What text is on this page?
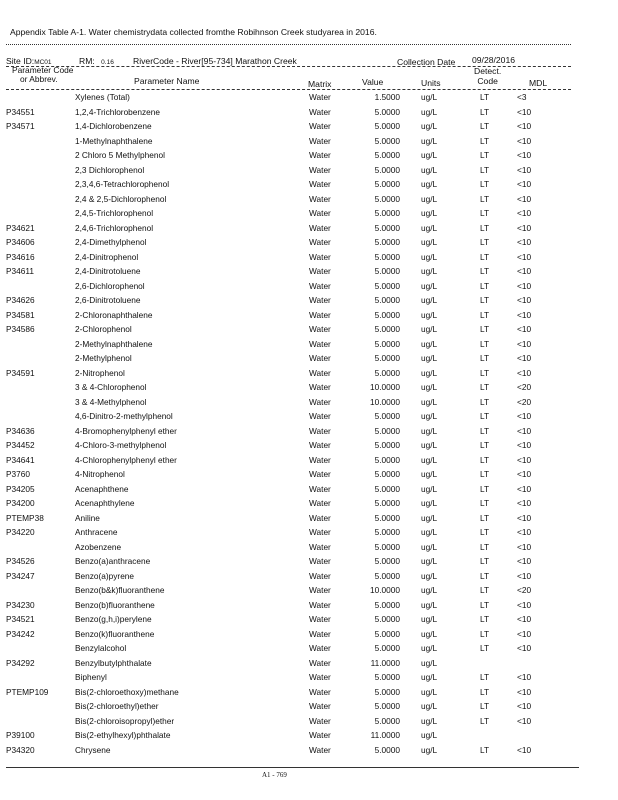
Appendix Table A-1. Water chemistrydata collected fromthe Robihnson Creek studyarea in 2016.
Site ID:MC01	RM: 0.16 RiverCode - River[95-734] Marathon Creek	Collection Date 09/28/2016
Parameter Code
or Abbrev.	Parameter Name	Matrix	Value	Units
Detect.
Code	MDL
Xylenes (Total)	Water	1.5000	ug/L	LT	<3
P34551	1,2,4-Trichlorobenzene	Water	5.0000	ug/L	LT	<10
P34571	1,4-Dichlorobenzene	Water	5.0000	ug/L	LT	<10
1-Methylnaphthalene	Water	5.0000	ug/L	LT	<10
2 Chloro 5 Methylphenol	Water	5.0000	ug/L	LT	<10
2,3 Dichlorophenol	Water	5.0000	ug/L	LT	<10
2,3,4,6-Tetrachlorophenol	Water	5.0000	ug/L	LT	<10
2,4 & 2,5-Dichlorophenol	Water	5.0000	ug/L	LT	<10
2,4,5-Trichlorophenol	Water	5.0000	ug/L	LT	<10
P34621	2,4,6-Trichlorophenol	Water	5.0000	ug/L	LT	<10
P34606	2,4-Dimethylphenol	Water	5.0000	ug/L	LT	<10
P34616	2,4-Dinitrophenol	Water	5.0000	ug/L	LT	<10
P34611	2,4-Dinitrotoluene	Water	5.0000	ug/L	LT	<10
2,6-Dichlorophenol	Water	5.0000	ug/L	LT	<10
P34626	2,6-Dinitrotoluene	Water	5.0000	ug/L	LT	<10
P34581	2-Chloronaphthalene	Water	5.0000	ug/L	LT	<10
P34586	2-Chlorophenol	Water	5.0000	ug/L	LT	<10
2-Methylnaphthalene	Water	5.0000	ug/L	LT	<10
2-Methylphenol	Water	5.0000	ug/L	LT	<10
P34591	2-Nitrophenol	Water	5.0000	ug/L	LT	<10
3 & 4-Chlorophenol	Water	10.0000	ug/L	LT	<20
3 & 4-Methylphenol	Water	10.0000	ug/L	LT	<20
4,6-Dinitro-2-methylphenol	Water	5.0000	ug/L	LT	<10
P34636	4-Bromophenylphenyl ether	Water	5.0000	ug/L	LT	<10
P34452	4-Chloro-3-methylphenol	Water	5.0000	ug/L	LT	<10
P34641	4-Chlorophenylphenyl ether	Water	5.0000	ug/L	LT	<10
P3760	4-Nitrophenol	Water	5.0000	ug/L	LT	<10
P34205	Acenaphthene	Water	5.0000	ug/L	LT	<10
P34200	Acenaphthylene	Water	5.0000	ug/L	LT	<10
PTEMP38	Aniline	Water	5.0000	ug/L	LT	<10
P34220	Anthracene	Water	5.0000	ug/L	LT	<10
Azobenzene	Water	5.0000	ug/L	LT	<10
P34526	Benzo(a)anthracene	Water	5.0000	ug/L	LT	<10
P34247	Benzo(a)pyrene	Water	5.0000	ug/L	LT	<10
Benzo(b&k)fluoranthene	Water	10.0000	ug/L	LT	<20
P34230	Benzo(b)fluoranthene	Water	5.0000	ug/L	LT	<10
P34521	Benzo(g,h,i)perylene	Water	5.0000	ug/L	LT	<10
P34242	Benzo(k)fluoranthene	Water	5.0000	ug/L	LT	<10
Benzylalcohol	Water	5.0000	ug/L	LT	<10
P34292	Benzylbutylphthalate	Water	11.0000	ug/L
Biphenyl	Water	5.0000	ug/L	LT	<10
PTEMP109	Bis(2-chloroethoxy)methane	Water	5.0000	ug/L	LT	<10
Bis(2-chloroethyl)ether	Water	5.0000	ug/L	LT	<10
Bis(2-chloroisopropyl)ether	Water	5.0000	ug/L	LT	<10
P39100	Bis(2-ethylhexyl)phthalate	Water	11.0000	ug/L
P34320	Chrysene	Water	5.0000	ug/L	LT	<10
A1 - 769
